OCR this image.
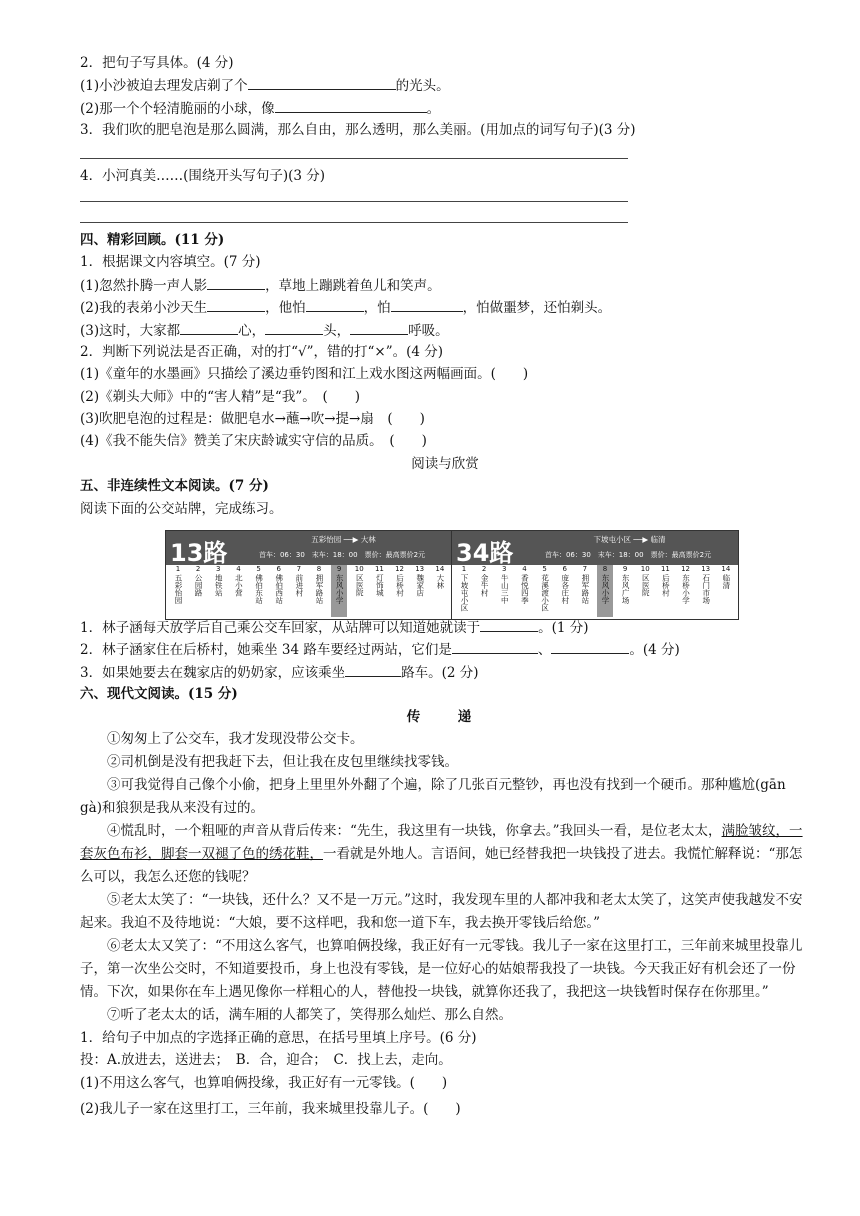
2．把句子写具体。(4 分)
(1)小沙被迫去理发店剃了个	的光头。
(2)那一个个轻清脆丽的小球，像	。
3．我们吹的肥皂泡是那么圆满，那么自由，那么透明，那么美丽。(用加点的词写句子)(3 分)
4．小河真美……(围绕开头写句子)(3 分)
四、精彩回顾。(11 分)
1．根据课文内容填空。(7 分)
(1)忽然扑腾一声人影	，草地上蹦跳着鱼儿和笑声。
(2)我的表弟小沙天生	，他怕	，怕	，怕做噩梦，还怕剃头。
(3)这时，大家都	心，	头，	呼吸。
2．判断下列说法是否正确，对的打“√”，错的打“×”。(4 分)
(1)《童年的水墨画》只描绘了溪边垂钓图和江上戏水图这两幅画面。(　　)
(2)《剃头大师》中的“害人精”是“我”。　(　　)
(3)吹肥皂泡的过程是：做肥皂水→蘸→吹→提→扇　(　　)
(4)《我不能失信》赞美了宋庆龄诚实守信的品质。　(　　)
阅读与欣赏
五、非连续性文本阅读。(7 分)
阅读下面的公交站牌，完成练习。
1．林子涵每天放学后自己乘公交车回家，从站牌可以知道她就读于	。(1 分)
2．林子涵家住在后桥村，她乘坐 34 路车要经过两站，它们是	、	。(4 分)
3．如果她要去在魏家店的奶奶家，应该乘坐	路车。(2 分)
六、现代文阅读。(15 分)
传　递
①匆匆上了公交车，我才发现没带公交卡。
②司机倒是没有把我赶下去，但让我在皮包里继续找零钱。
③可我觉得自己像个小偷，把身上里里外外翻了个遍，除了几张百元整钞，再也没有找到一个硬币。那种尴尬(gān　gà)和狼狈是我从来没有过的。
④慌乱时，一个粗哑的声音从背后传来：“先生，我这里有一块钱，你拿去。”我回头一看，是位老太太，满脸皱纹，一套灰色布衫，脚套一双褪了色的绣花鞋，一看就是外地人。言语间，她已经替我把一块钱投了进去。我慌忙解释说：“那怎么可以，我怎么还您的钱呢？
⑤老太太笑了：“一块钱，还什么？又不是一万元。”这时，我发现车里的人都冲我和老太太笑了，这笑声使我越发不安起来。我迫不及待地说：“大娘，要不这样吧，我和您一道下车，我去换开零钱后给您。”
⑥老太太又笑了：“不用这么客气，也算咱俩投缘，我正好有一元零钱。我儿子一家在这里打工，三年前来城里投靠儿子，第一次坐公交时，不知道要投币，身上也没有零钱，是一位好心的姑娘帮我投了一块钱。今天我正好有机会还了一份情。下次，如果你在车上遇见像你一样粗心的人，替他投一块钱，就算你还我了，我把这一块钱暂时保存在你那里。”
⑦听了老太太的话，满车厢的人都笑了，笑得那么灿烂、那么自然。
1．给句子中加点的字选择正确的意思，在括号里填上序号。(6 分)
投：A.放进去，送进去；　B．合，迎合；　C．找上去，走向。
(1)不用这么客气，也算咱俩投缘，我正好有一元零钱。(　　)
(2)我儿子一家在这里打工，三年前，我来城里投靠儿子。(　　)
13路	五彩怡园 ──▶ 大林
首车：06：30　末车：18：00　票价：最高票价2元
1
五彩怡园
2
公园路
3
地铁站
4
北小营
5
佛伯东站
6
佛伯西站
7
前进村
8
拥军路站
9
东风小学
10
区医院
11
灯饰城
12
后桥村
13
魏家店
14
大林
34路	下坡屯小区 ──▶ 临清
首车：06：30　末车：18：00　票价：最高票价2元
1
下坡屯小区
2
金牛村
3
牛山三中
4
香悦四季
5
花溪渡小区
6
庞各庄村
7
拥军路站
8
东风小学
9
东风广场
10
区医院
11
后桥村
12
东桥小学
13
石门市场
14
临清
